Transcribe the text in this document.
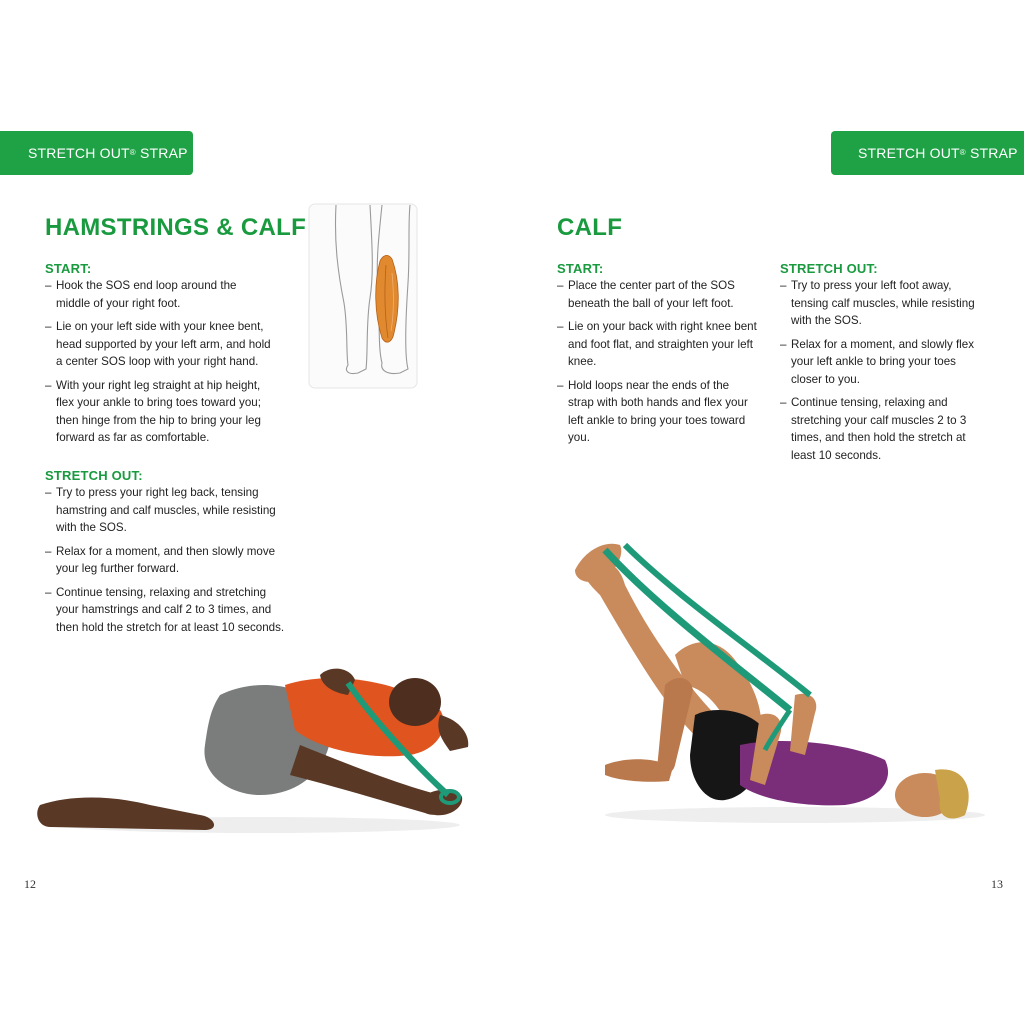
STRETCH OUT® STRAP
HAMSTRINGS & CALF
START:
– Hook the SOS end loop around the middle of your right foot.
– Lie on your left side with your knee bent, head supported by your left arm, and hold a center SOS loop with your right hand.
– With your right leg straight at hip height, flex your ankle to bring toes toward you; then hinge from the hip to bring your leg forward as far as comfortable.
STRETCH OUT:
– Try to press your right leg back, tensing hamstring and calf muscles, while resisting with the SOS.
– Relax for a moment, and then slowly move your leg further forward.
– Continue tensing, relaxing and stretching your hamstrings and calf 2 to 3 times, and then hold the stretch for at least 10 seconds.
12
STRETCH OUT® STRAP
CALF
START:
– Place the center part of the SOS beneath the ball of your left foot.
– Lie on your back with right knee bent and foot flat, and straighten your left knee.
– Hold loops near the ends of the strap with both hands and flex your left ankle to bring your toes toward you.
STRETCH OUT:
– Try to press your left foot away, tensing calf muscles, while resisting with the SOS.
– Relax for a moment, and slowly flex your left ankle to bring your toes closer to you.
– Continue tensing, relaxing and stretching your calf muscles 2 to 3 times, and then hold the stretch at least 10 seconds.
13
